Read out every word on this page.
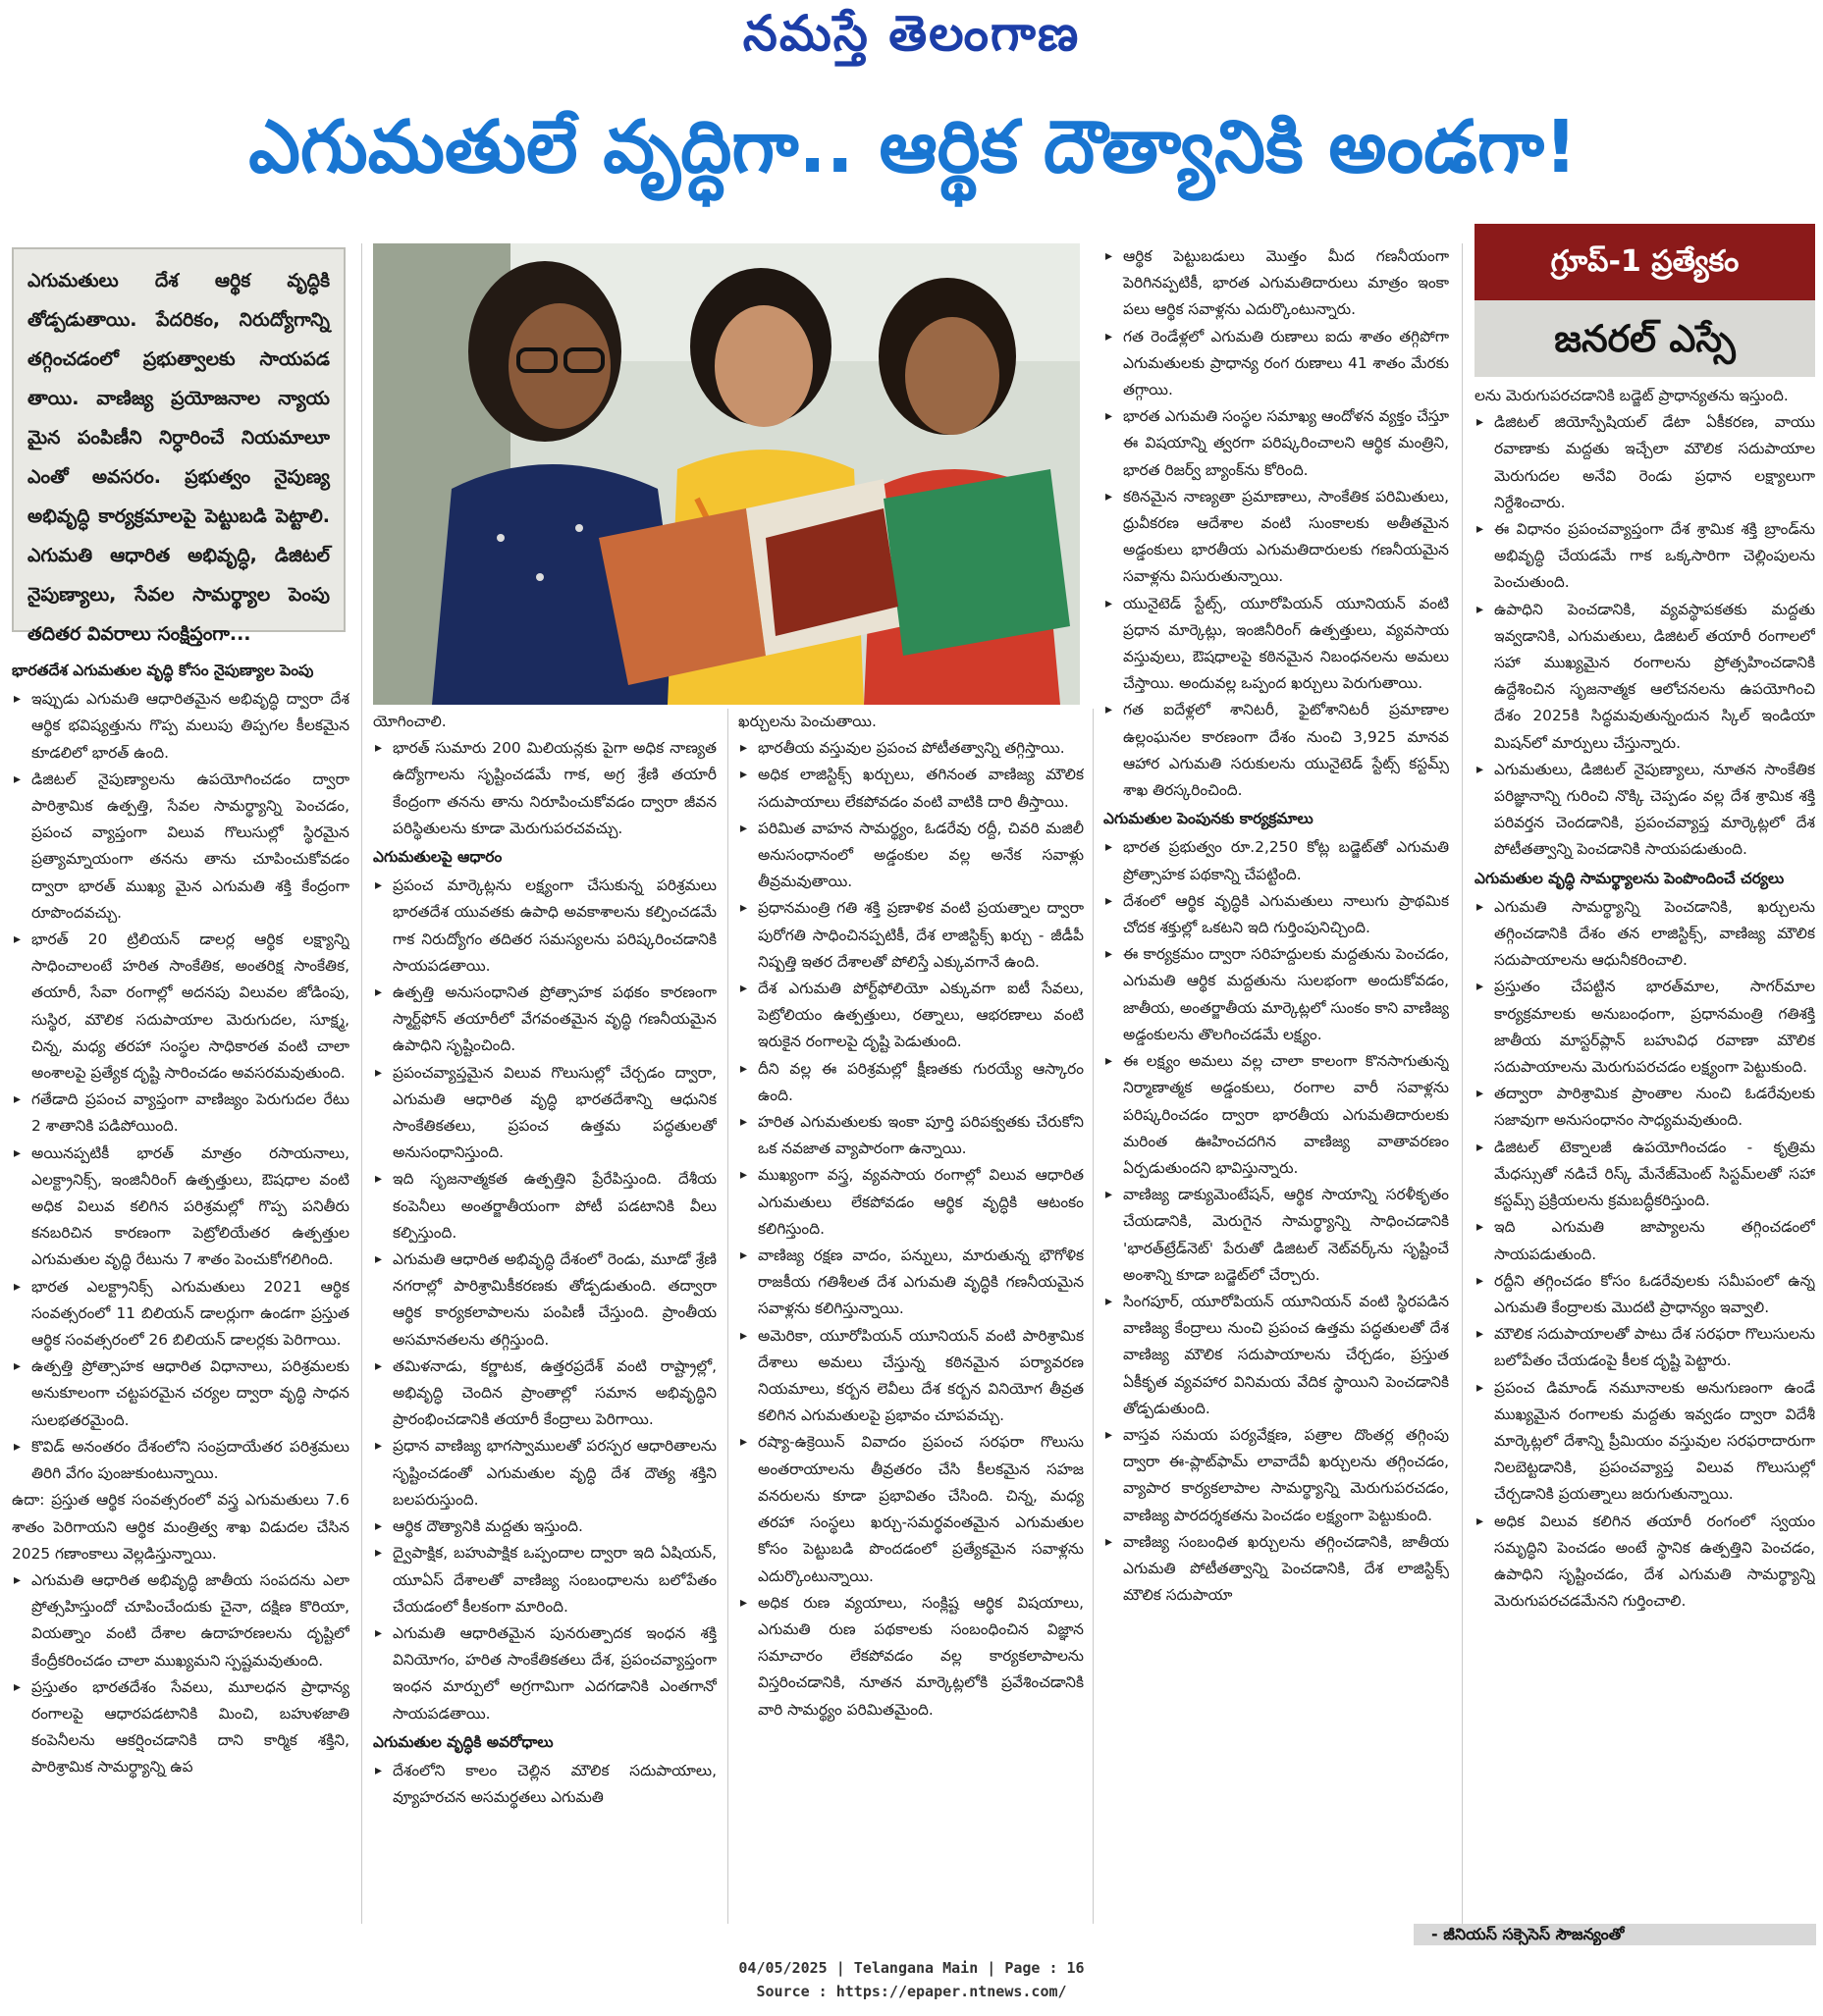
నమస్తే తెలంగాణ
ఎగుమతులే వృద్ధిగా.. ఆర్థిక దౌత్యానికి అండగా!
ఎగుమతులు దేశ ఆర్థిక వృద్ధికి తోడ్పడుతాయి. పేదరికం, నిరుద్యోగాన్ని తగ్గించడంలో ప్రభుత్వాలకు సాయపడ తాయి. వాణిజ్య ప్రయోజనాల న్యాయ మైన పంపిణీని నిర్ధారించే నియమాలూ ఎంతో అవసరం. ప్రభుత్వం నైపుణ్య అభివృద్ధి కార్యక్రమాలపై పెట్టుబడి పెట్టాలి. ఎగుమతి ఆధారిత అభివృద్ధి, డిజిటల్ నైపుణ్యాలు, సేవల సామర్థ్యాల పెంపు తదితర వివరాలు సంక్షిప్తంగా...
గ్రూప్-1 ప్రత్యేకం
జనరల్ ఎస్సే
భారతదేశ ఎగుమతుల వృద్ధి కోసం నైపుణ్యాల పెంపు
▸ ఇప్పుడు ఎగుమతి ఆధారితమైన అభివృద్ధి ద్వారా దేశ ఆర్థిక భవిష్యత్తును గొప్ప మలుపు తిప్పగల కీలకమైన కూడలిలో భారత్ ఉంది.
▸ డిజిటల్ నైపుణ్యాలను ఉపయోగించడం ద్వారా పారిశ్రామిక ఉత్పత్తి, సేవల సామర్థ్యాన్ని పెంచడం, ప్రపంచ వ్యాప్తంగా విలువ గొలుసుల్లో స్థిరమైన ప్రత్యామ్నాయంగా తనను తాను చూపించుకోవడం ద్వారా భారత్ ముఖ్య మైన ఎగుమతి శక్తి కేంద్రంగా రూపొందవచ్చు.
▸ భారత్ 20 ట్రిలియన్ డాలర్ల ఆర్థిక లక్ష్యాన్ని సాధించాలంటే హరిత సాంకేతిక, అంతరిక్ష సాంకేతిక, తయారీ, సేవా రంగాల్లో అదనపు విలువల జోడింపు, సుస్థిర, మౌలిక సదుపాయాల మెరుగుదల, సూక్ష్మ, చిన్న, మధ్య తరహా సంస్థల సాధికారత వంటి చాలా అంశాలపై ప్రత్యేక దృష్టి సారించడం అవసరమవుతుంది.
▸ గతేడాది ప్రపంచ వ్యాప్తంగా వాణిజ్యం పెరుగుదల రేటు 2 శాతానికి పడిపోయింది.
▸ అయినప్పటికీ భారత్ మాత్రం రసాయనాలు, ఎలక్ట్రానిక్స్, ఇంజినీరింగ్ ఉత్పత్తులు, ఔషధాల వంటి అధిక విలువ కలిగిన పరిశ్రమల్లో గొప్ప పనితీరు కనబరిచిన కారణంగా పెట్రోలియేతర ఉత్పత్తుల ఎగుమతుల వృద్ధి రేటును 7 శాతం పెంచుకోగలిగింది.
▸ భారత ఎలక్ట్రానిక్స్ ఎగుమతులు 2021 ఆర్థిక సంవత్సరంలో 11 బిలియన్ డాలర్లుగా ఉండగా ప్రస్తుత ఆర్థిక సంవత్సరంలో 26 బిలియన్ డాలర్లకు పెరిగాయి.
▸ ఉత్పత్తి ప్రోత్సాహక ఆధారిత విధానాలు, పరిశ్రమలకు అనుకూలంగా చట్టపరమైన చర్యల ద్వారా వృద్ధి సాధన సులభతరమైంది.
▸ కొవిడ్ అనంతరం దేశంలోని సంప్రదాయేతర పరిశ్రమలు తిరిగి వేగం పుంజుకుంటున్నాయి.
ఉదా: ప్రస్తుత ఆర్థిక సంవత్సరంలో వస్త్ర ఎగుమతులు 7.6 శాతం పెరిగాయని ఆర్థిక మంత్రిత్వ శాఖ విడుదల చేసిన 2025 గణాంకాలు వెల్లడిస్తున్నాయి.
▸ ఎగుమతి ఆధారిత అభివృద్ధి జాతీయ సంపదను ఎలా ప్రోత్సహిస్తుందో చూపించేందుకు చైనా, దక్షిణ కొరియా, వియత్నాం వంటి దేశాల ఉదాహరణలను దృష్టిలో కేంద్రీకరించడం చాలా ముఖ్యమని స్పష్టమవుతుంది.
▸ ప్రస్తుతం భారతదేశం సేవలు, మూలధన ప్రాధాన్య రంగాలపై ఆధారపడటానికి మించి, బహుళజాతి కంపెనీలను ఆకర్షించడానికి దాని కార్మిక శక్తిని, పారిశ్రామిక సామర్థ్యాన్ని ఉప
యోగించాలి.
▸ భారత్ సుమారు 200 మిలియన్లకు పైగా అధిక నాణ్యత ఉద్యోగాలను సృష్టించడమే గాక, అగ్ర శ్రేణి తయారీ కేంద్రంగా తనను తాను నిరూపించుకోవడం ద్వారా జీవన పరిస్థితులను కూడా మెరుగుపరచవచ్చు.
ఎగుమతులపై ఆధారం
▸ ప్రపంచ మార్కెట్లను లక్ష్యంగా చేసుకున్న పరిశ్రమలు భారతదేశ యువతకు ఉపాధి అవకాశాలను కల్పించడమే గాక నిరుద్యోగం తదితర సమస్యలను పరిష్కరించడానికి సాయపడతాయి.
▸ ఉత్పత్తి అనుసంధానిత ప్రోత్సాహక పథకం కారణంగా స్మార్ట్‌ఫోన్ తయారీలో వేగవంతమైన వృద్ధి గణనీయమైన ఉపాధిని సృష్టించింది.
▸ ప్రపంచవ్యాప్తమైన విలువ గొలుసుల్లో చేర్చడం ద్వారా, ఎగుమతి ఆధారిత వృద్ధి భారతదేశాన్ని ఆధునిక సాంకేతికతలు, ప్రపంచ ఉత్తమ పద్ధతులతో అనుసంధానిస్తుంది.
▸ ఇది సృజనాత్మకత ఉత్పత్తిని ప్రేరేపిస్తుంది. దేశీయ కంపెనీలు అంతర్జాతీయంగా పోటీ పడటానికి వీలు కల్పిస్తుంది.
▸ ఎగుమతి ఆధారిత అభివృద్ధి దేశంలో రెండు, మూడో శ్రేణి నగరాల్లో పారిశ్రామికీకరణకు తోడ్పడుతుంది. తద్వారా ఆర్థిక కార్యకలాపాలను పంపిణీ చేస్తుంది. ప్రాంతీయ అసమానతలను తగ్గిస్తుంది.
▸ తమిళనాడు, కర్ణాటక, ఉత్తరప్రదేశ్ వంటి రాష్ట్రాల్లో, అభివృద్ధి చెందిన ప్రాంతాల్లో సమాన అభివృద్ధిని ప్రారంభించడానికి తయారీ కేంద్రాలు పెరిగాయి.
▸ ప్రధాన వాణిజ్య భాగస్వాములతో పరస్పర ఆధారితాలను సృష్టించడంతో ఎగుమతుల వృద్ధి దేశ దౌత్య శక్తిని బలపరుస్తుంది.
▸ ఆర్థిక దౌత్యానికి మద్దతు ఇస్తుంది.
▸ ద్వైపాక్షిక, బహుపాక్షిక ఒప్పందాల ద్వారా ఇది ఏషియన్, యూఏస్ దేశాలతో వాణిజ్య సంబంధాలను బలోపేతం చేయడంలో కీలకంగా మారింది.
▸ ఎగుమతి ఆధారితమైన పునరుత్పాదక ఇంధన శక్తి వినియోగం, హరిత సాంకేతికతలు దేశ, ప్రపంచవ్యాప్తంగా ఇంధన మార్పులో అగ్రగామిగా ఎదగడానికి ఎంతగానో సాయపడతాయి.
ఎగుమతుల వృద్ధికి అవరోధాలు
▸ దేశంలోని కాలం చెల్లిన మౌలిక సదుపాయాలు, వ్యూహరచన అసమర్థతలు ఎగుమతి
ఖర్చులను పెంచుతాయి.
▸ భారతీయ వస్తువుల ప్రపంచ పోటీతత్వాన్ని తగ్గిస్తాయి.
▸ అధిక లాజిస్టిక్స్ ఖర్చులు, తగినంత వాణిజ్య మౌలిక సదుపాయాలు లేకపోవడం వంటి వాటికి దారి తీస్తాయి.
▸ పరిమిత వాహన సామర్థ్యం, ఓడరేవు రద్దీ, చివరి మజిలీ అనుసంధానంలో అడ్డంకుల వల్ల అనేక సవాళ్లు తీవ్రమవుతాయి.
▸ ప్రధానమంత్రి గతి శక్తి ప్రణాళిక వంటి ప్రయత్నాల ద్వారా పురోగతి సాధించినప్పటికీ, దేశ లాజిస్టిక్స్ ఖర్చు - జీడీపీ నిష్పత్తి ఇతర దేశాలతో పోలిస్తే ఎక్కువగానే ఉంది.
▸ దేశ ఎగుమతి పోర్ట్‌ఫోలియో ఎక్కువగా ఐటీ సేవలు, పెట్రోలియం ఉత్పత్తులు, రత్నాలు, ఆభరణాలు వంటి ఇరుకైన రంగాలపై దృష్టి పెడుతుంది.
▸ దీని వల్ల ఈ పరిశ్రమల్లో క్షీణతకు గురయ్యే ఆస్కారం ఉంది.
▸ హరిత ఎగుమతులకు ఇంకా పూర్తి పరిపక్వతకు చేరుకోని ఒక నవజాత వ్యాపారంగా ఉన్నాయి.
▸ ముఖ్యంగా వస్త్ర, వ్యవసాయ రంగాల్లో విలువ ఆధారిత ఎగుమతులు లేకపోవడం ఆర్థిక వృద్ధికి ఆటంకం కలిగిస్తుంది.
▸ వాణిజ్య రక్షణ వాదం, పన్నులు, మారుతున్న భౌగోళిక రాజకీయ గతిశీలత దేశ ఎగుమతి వృద్ధికి గణనీయమైన సవాళ్లను కలిగిస్తున్నాయి.
▸ అమెరికా, యూరోపియన్ యూనియన్ వంటి పారిశ్రామిక దేశాలు అమలు చేస్తున్న కఠినమైన పర్యావరణ నియమాలు, కర్బన లెవీలు దేశ కర్బన వినియోగ తీవ్రత కలిగిన ఎగుమతులపై ప్రభావం చూపవచ్చు.
▸ రష్యా-ఉక్రెయిన్ వివాదం ప్రపంచ సరఫరా గొలుసు అంతరాయాలను తీవ్రతరం చేసి కీలకమైన సహజ వనరులను కూడా ప్రభావితం చేసింది. చిన్న, మధ్య తరహా సంస్థలు ఖర్చు-సమర్థవంతమైన ఎగుమతుల కోసం పెట్టుబడి పొందడంలో ప్రత్యేకమైన సవాళ్లను ఎదుర్కొంటున్నాయి.
▸ అధిక రుణ వ్యయాలు, సంక్లిష్ట ఆర్థిక విషయాలు, ఎగుమతి రుణ పథకాలకు సంబంధించిన విజ్ఞాన సమాచారం లేకపోవడం వల్ల కార్యకలాపాలను విస్తరించడానికి, నూతన మార్కెట్లలోకి ప్రవేశించడానికి వారి సామర్థ్యం పరిమితమైంది.
▸ ఆర్థిక పెట్టుబడులు మొత్తం మీద గణనీయంగా పెరిగినప్పటికీ, భారత ఎగుమతిదారులు మాత్రం ఇంకా పలు ఆర్థిక సవాళ్లను ఎదుర్కొంటున్నారు.
▸ గత రెండేళ్లలో ఎగుమతి రుణాలు ఐదు శాతం తగ్గిపోగా ఎగుమతులకు ప్రాధాన్య రంగ రుణాలు 41 శాతం మేరకు తగ్గాయి.
▸ భారత ఎగుమతి సంస్థల సమాఖ్య ఆందోళన వ్యక్తం చేస్తూ ఈ విషయాన్ని త్వరగా పరిష్కరించాలని ఆర్థిక మంత్రిని, భారత రిజర్వ్ బ్యాంక్‌ను కోరింది.
▸ కఠినమైన నాణ్యతా ప్రమాణాలు, సాంకేతిక పరిమితులు, ధ్రువీకరణ ఆదేశాల వంటి సుంకాలకు అతీతమైన అడ్డంకులు భారతీయ ఎగుమతిదారులకు గణనీయమైన సవాళ్లను విసురుతున్నాయి.
▸ యునైటెడ్ స్టేట్స్, యూరోపియన్ యూనియన్ వంటి ప్రధాన మార్కెట్లు, ఇంజినీరింగ్ ఉత్పత్తులు, వ్యవసాయ వస్తువులు, ఔషధాలపై కఠినమైన నిబంధనలను అమలు చేస్తాయి. అందువల్ల ఒప్పంద ఖర్చులు పెరుగుతాయి.
▸ గత ఐదేళ్లలో శానిటరీ, ఫైటోశానిటరీ ప్రమాణాల ఉల్లంఘనల కారణంగా దేశం నుంచి 3,925 మానవ ఆహార ఎగుమతి సరుకులను యునైటెడ్ స్టేట్స్ కస్టమ్స్ శాఖ తిరస్కరించింది.
ఎగుమతుల పెంపునకు కార్యక్రమాలు
▸ భారత ప్రభుత్వం రూ.2,250 కోట్ల బడ్జెట్‌తో ఎగుమతి ప్రోత్సాహక పథకాన్ని చేపట్టింది.
▸ దేశంలో ఆర్థిక వృద్ధికి ఎగుమతులు నాలుగు ప్రాథమిక చోదక శక్తుల్లో ఒకటని ఇది గుర్తింపునిచ్చింది.
▸ ఈ కార్యక్రమం ద్వారా సరిహద్దులకు మద్దతును పెంచడం, ఎగుమతి ఆర్థిక మద్దతును సులభంగా అందుకోవడం, జాతీయ, అంతర్జాతీయ మార్కెట్లలో సుంకం కాని వాణిజ్య అడ్డంకులను తొలగించడమే లక్ష్యం.
▸ ఈ లక్ష్యం అమలు వల్ల చాలా కాలంగా కొనసాగుతున్న నిర్మాణాత్మక అడ్డంకులు, రంగాల వారీ సవాళ్లను పరిష్కరించడం ద్వారా భారతీయ ఎగుమతిదారులకు మరింత ఊహించదగిన వాణిజ్య వాతావరణం ఏర్పడుతుందని భావిస్తున్నారు.
▸ వాణిజ్య డాక్యుమెంటేషన్, ఆర్థిక సాయాన్ని సరళీకృతం చేయడానికి, మెరుగైన సామర్థ్యాన్ని సాధించడానికి 'భారత్‌ట్రేడ్‌నెట్' పేరుతో డిజిటల్ నెట్‌వర్క్‌ను సృష్టించే అంశాన్ని కూడా బడ్జెట్‌లో చేర్చారు.
▸ సింగపూర్, యూరోపియన్ యూనియన్ వంటి స్థిరపడిన వాణిజ్య కేంద్రాలు నుంచి ప్రపంచ ఉత్తమ పద్ధతులతో దేశ వాణిజ్య మౌలిక సదుపాయాలను చేర్చడం, ప్రస్తుత ఏకీకృత వ్యవహార వినిమయ వేదిక స్థాయిని పెంచడానికి తోడ్పడుతుంది.
▸ వాస్తవ సమయ పర్యవేక్షణ, పత్రాల దొంతర్ల తగ్గింపు ద్వారా ఈ-ప్లాట్‌ఫామ్ లావాదేవీ ఖర్చులను తగ్గించడం, వ్యాపార కార్యకలాపాల సామర్థ్యాన్ని మెరుగుపరచడం, వాణిజ్య పారదర్శకతను పెంచడం లక్ష్యంగా పెట్టుకుంది.
▸ వాణిజ్య సంబంధిత ఖర్చులను తగ్గించడానికి, జాతీయ ఎగుమతి పోటీతత్వాన్ని పెంచడానికి, దేశ లాజిస్టిక్స్ మౌలిక సదుపాయా
లను మెరుగుపరచడానికి బడ్జెట్ ప్రాధాన్యతను ఇస్తుంది.
▸ డిజిటల్ జియోస్పేషియల్ డేటా ఏకీకరణ, వాయు రవాణాకు మద్దతు ఇచ్చేలా మౌలిక సదుపాయాల మెరుగుదల అనేవి రెండు ప్రధాన లక్ష్యాలుగా నిర్దేశించారు.
▸ ఈ విధానం ప్రపంచవ్యాప్తంగా దేశ శ్రామిక శక్తి బ్రాండ్‌ను అభివృద్ధి చేయడమే గాక ఒక్కసారిగా చెల్లింపులను పెంచుతుంది.
▸ ఉపాధిని పెంచడానికి, వ్యవస్థాపకతకు మద్దతు ఇవ్వడానికి, ఎగుమతులు, డిజిటల్ తయారీ రంగాలలో సహా ముఖ్యమైన రంగాలను ప్రోత్సహించడానికి ఉద్దేశించిన సృజనాత్మక ఆలోచనలను ఉపయోగించి దేశం 2025కి సిద్ధమవుతున్నందున స్కిల్ ఇండియా మిషన్‌లో మార్పులు చేస్తున్నారు.
▸ ఎగుమతులు, డిజిటల్ నైపుణ్యాలు, నూతన సాంకేతిక పరిజ్ఞానాన్ని గురించి నొక్కి చెప్పడం వల్ల దేశ శ్రామిక శక్తి పరివర్తన చెందడానికి, ప్రపంచవ్యాప్త మార్కెట్లలో దేశ పోటీతత్వాన్ని పెంచడానికి సాయపడుతుంది.
ఎగుమతుల వృద్ధి సామర్థ్యాలను పెంపొందించే చర్యలు
▸ ఎగుమతి సామర్థ్యాన్ని పెంచడానికి, ఖర్చులను తగ్గించడానికి దేశం తన లాజిస్టిక్స్, వాణిజ్య మౌలిక సదుపాయాలను ఆధునీకరించాలి.
▸ ప్రస్తుతం చేపట్టిన భారత్‌మాల, సాగర్‌మాల కార్యక్రమాలకు అనుబంధంగా, ప్రధానమంత్రి గతిశక్తి జాతీయ మాస్టర్‌ప్లాన్ బహువిధ రవాణా మౌలిక సదుపాయాలను మెరుగుపరచడం లక్ష్యంగా పెట్టుకుంది.
▸ తద్వారా పారిశ్రామిక ప్రాంతాల నుంచి ఓడరేవులకు సజావుగా అనుసంధానం సాధ్యమవుతుంది.
▸ డిజిటల్ టెక్నాలజీ ఉపయోగించడం - కృత్రిమ మేధస్సుతో నడిచే రిస్క్ మేనేజ్‌మెంట్ సిస్టమ్‌లతో సహా కస్టమ్స్ ప్రక్రియలను క్రమబద్ధీకరిస్తుంది.
▸ ఇది ఎగుమతి జాప్యాలను తగ్గించడంలో సాయపడుతుంది.
▸ రద్దీని తగ్గించడం కోసం ఓడరేవులకు సమీపంలో ఉన్న ఎగుమతి కేంద్రాలకు మొదటి ప్రాధాన్యం ఇవ్వాలి.
▸ మౌలిక సదుపాయాలతో పాటు దేశ సరఫరా గొలుసులను బలోపేతం చేయడంపై కీలక దృష్టి పెట్టారు.
▸ ప్రపంచ డిమాండ్ నమూనాలకు అనుగుణంగా ఉండే ముఖ్యమైన రంగాలకు మద్దతు ఇవ్వడం ద్వారా విదేశీ మార్కెట్లలో దేశాన్ని ప్రీమియం వస్తువుల సరఫరాదారుగా నిలబెట్టడానికి, ప్రపంచవ్యాప్త విలువ గొలుసుల్లో చేర్చడానికి ప్రయత్నాలు జరుగుతున్నాయి.
▸ అధిక విలువ కలిగిన తయారీ రంగంలో స్వయం సమృద్ధిని పెంచడం అంటే స్థానిక ఉత్పత్తిని పెంచడం, ఉపాధిని సృష్టించడం, దేశ ఎగుమతి సామర్థ్యాన్ని మెరుగుపరచడమేనని గుర్తించాలి.
- జీనియస్ సక్సెసెస్ సౌజన్యంతో
04/05/2025 | Telangana Main | Page : 16
Source : https://epaper.ntnews.com/
